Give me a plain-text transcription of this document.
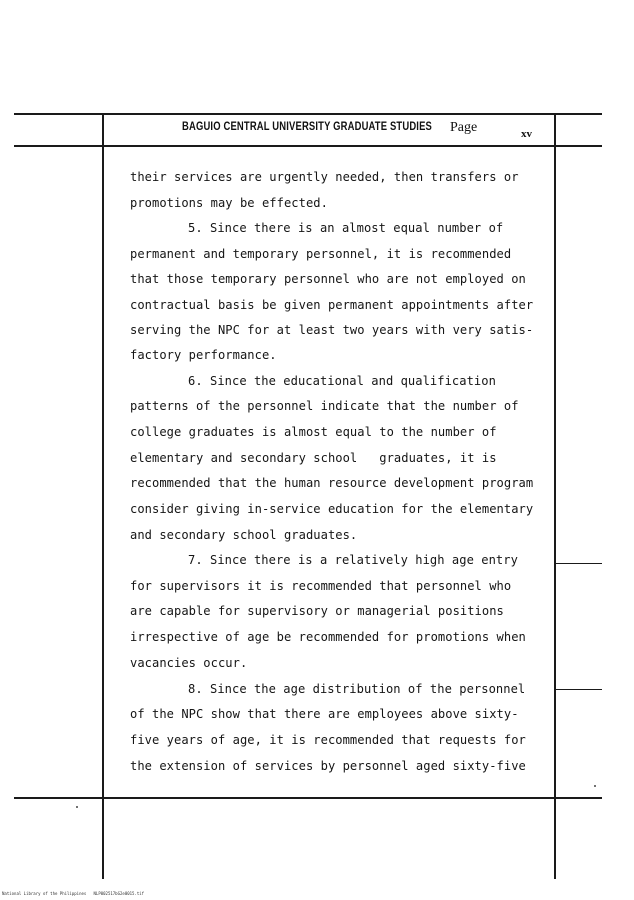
BAGUIO CENTRAL UNIVERSITY GRADUATE STUDIES Page	xv
their services are urgently needed, then transfers or
promotions may be effected.
5. Since there is an almost equal number of
permanent and temporary personnel, it is recommended
that those temporary personnel who are not employed on
contractual basis be given permanent appointments after
serving the NPC for at least two years with very satis-
factory performance.
6. Since the educational and qualification
patterns of the personnel indicate that the number of
college graduates is almost equal to the number of
elementary and secondary school   graduates, it is
recommended that the human resource development program
consider giving in-service education for the elementary
and secondary school graduates.
7. Since there is a relatively high age entry
for supervisors it is recommended that personnel who
are capable for supervisory or managerial positions
irrespective of age be recommended for promotions when
vacancies occur.
8. Since the age distribution of the personnel
of the NPC show that there are employees above sixty-
five years of age, it is recommended that requests for
the extension of services by personnel aged sixty-five
National Library of the Philippines   NLP002517bG2e0015.tif
